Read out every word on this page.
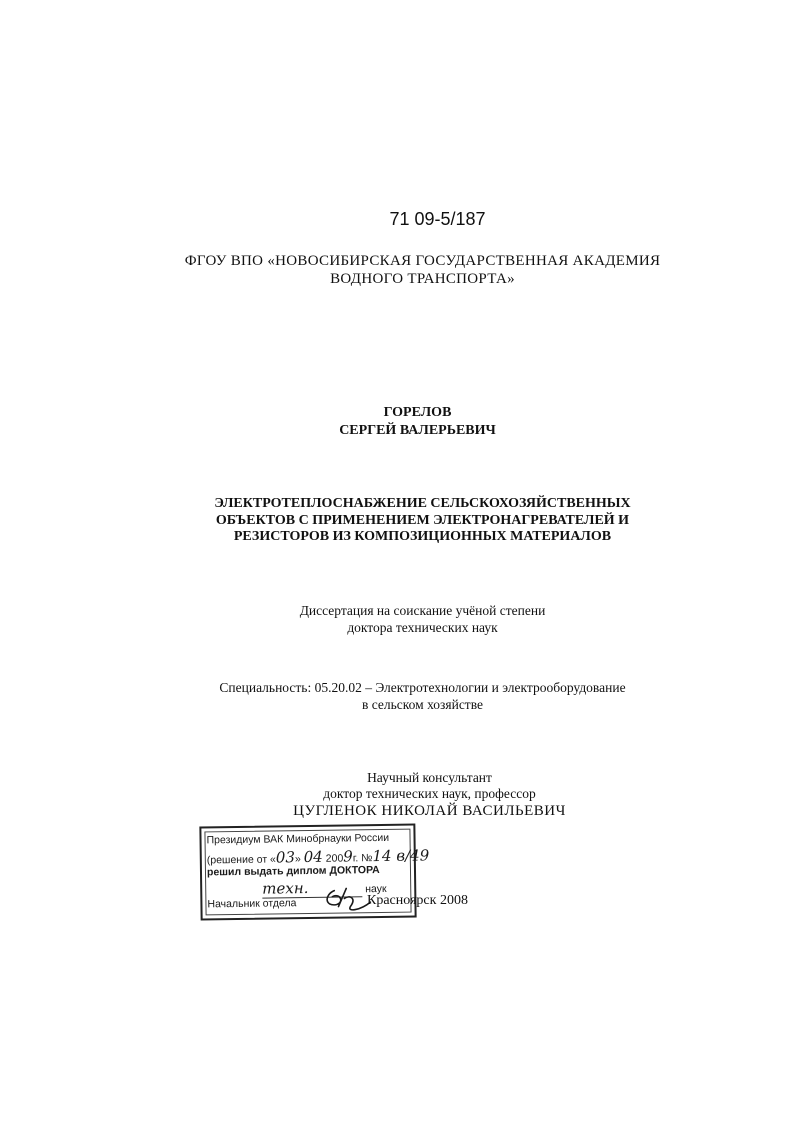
71 09-5/187
ФГОУ ВПО «НОВОСИБИРСКАЯ ГОСУДАРСТВЕННАЯ АКАДЕМИЯ
ВОДНОГО ТРАНСПОРТА»
ГОРЕЛОВ
СЕРГЕЙ ВАЛЕРЬЕВИЧ
ЭЛЕКТРОТЕПЛОСНАБЖЕНИЕ СЕЛЬСКОХОЗЯЙСТВЕННЫХ
ОБЪЕКТОВ С ПРИМЕНЕНИЕМ ЭЛЕКТРОНАГРЕВАТЕЛЕЙ И
РЕЗИСТОРОВ ИЗ КОМПОЗИЦИОННЫХ МАТЕРИАЛОВ
Диссертация на соискание учёной степени
доктора технических наук
Специальность: 05.20.02 – Электротехнологии и электрооборудование
в сельском хозяйстве
Научный консультант
доктор технических наук, профессор
ЦУГЛЕНОК НИКОЛАЙ ВАСИЛЬЕВИЧ
Президиум ВАК Минобрнауки России
(решение от «03» 04 2009г. №14 в/49
решил выдать диплом ДОКТОРА
техн.	наук
Начальник отдела	Красноярск 2008
